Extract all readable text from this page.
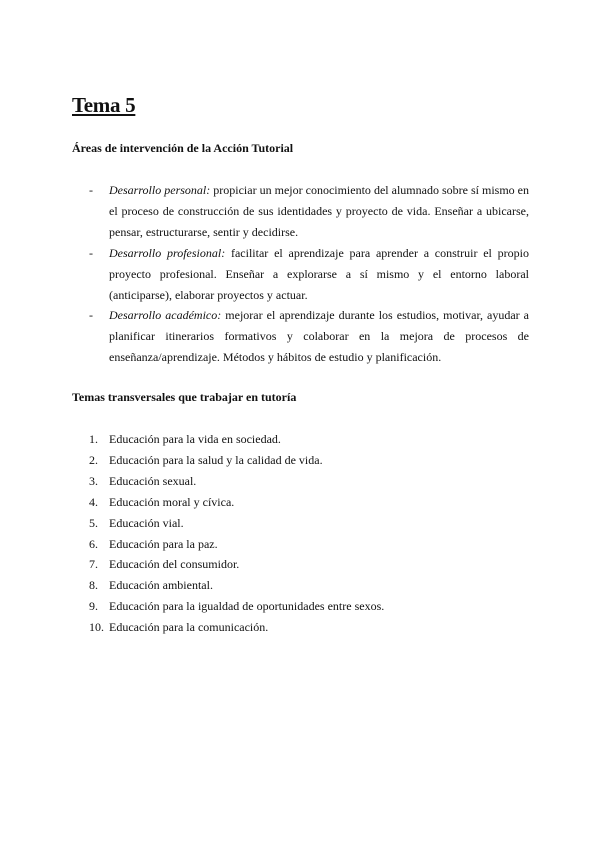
Tema 5
Áreas de intervención de la Acción Tutorial
- Desarrollo personal: propiciar un mejor conocimiento del alumnado sobre sí mismo en el proceso de construcción de sus identidades y proyecto de vida. Enseñar a ubicarse, pensar, estructurarse, sentir y decidirse.
- Desarrollo profesional: facilitar el aprendizaje para aprender a construir el propio proyecto profesional. Enseñar a explorarse a sí mismo y el entorno laboral (anticiparse), elaborar proyectos y actuar.
- Desarrollo académico: mejorar el aprendizaje durante los estudios, motivar, ayudar a planificar itinerarios formativos y colaborar en la mejora de procesos de enseñanza/aprendizaje. Métodos y hábitos de estudio y planificación.
Temas transversales que trabajar en tutoría
1. Educación para la vida en sociedad.
2. Educación para la salud y la calidad de vida.
3. Educación sexual.
4. Educación moral y cívica.
5. Educación vial.
6. Educación para la paz.
7. Educación del consumidor.
8. Educación ambiental.
9. Educación para la igualdad de oportunidades entre sexos.
10. Educación para la comunicación.
